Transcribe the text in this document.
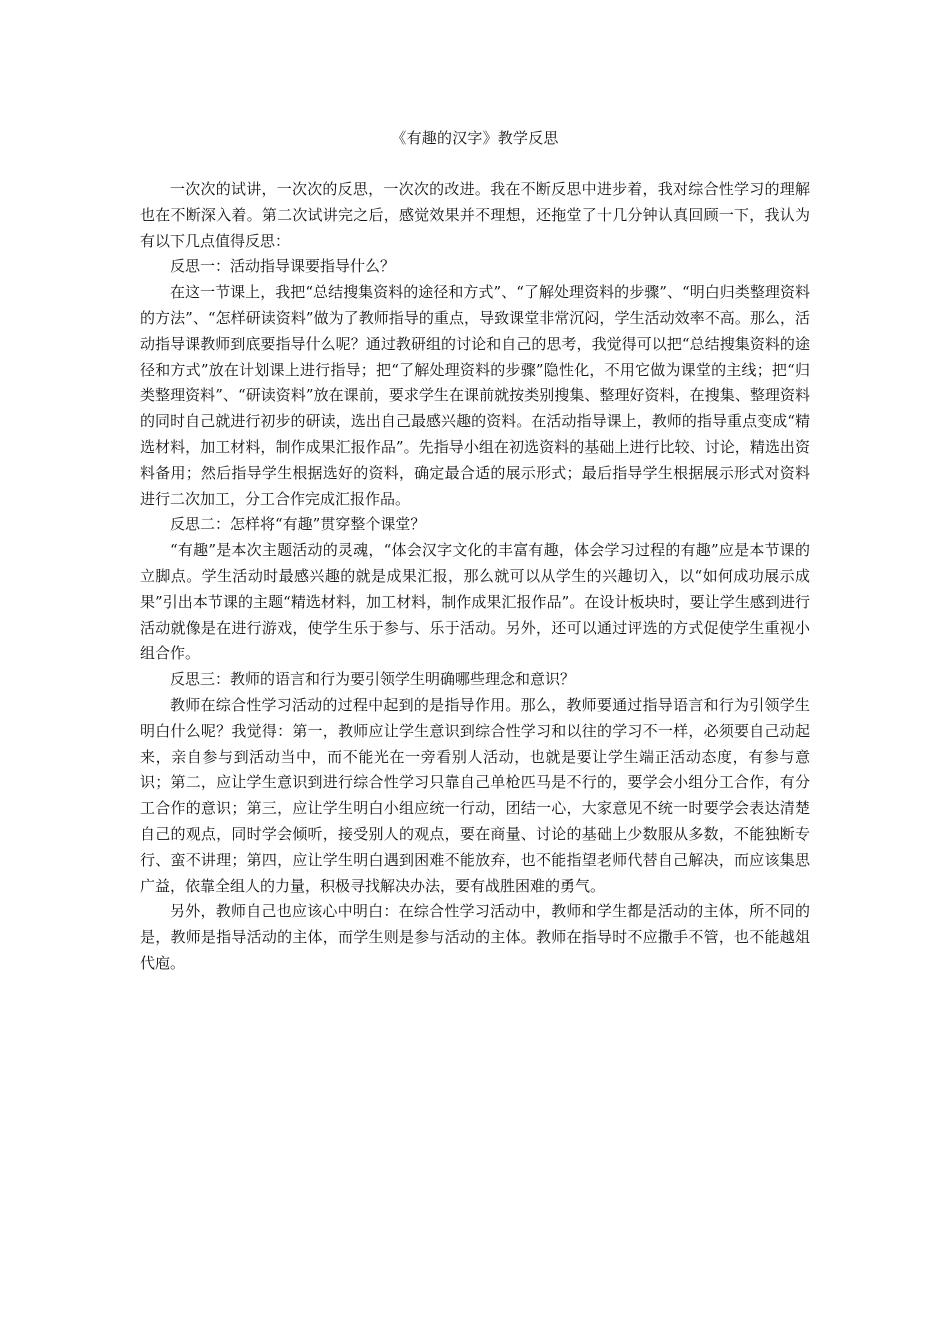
《有趣的汉字》教学反思

一次次的试讲，一次次的反思，一次次的改进。我在不断反思中进步着，我对综合性学习的理解也在不断深入着。第二次试讲完之后，感觉效果并不理想，还拖堂了十几分钟认真回顾一下，我认为有以下几点值得反思：

反思一：活动指导课要指导什么？

在这一节课上，我把“总结搜集资料的途径和方式”、“了解处理资料的步骤”、“明白归类整理资料的方法”、“怎样研读资料”做为了教师指导的重点，导致课堂非常沉闷，学生活动效率不高。那么，活动指导课教师到底要指导什么呢？通过教研组的讨论和自己的思考，我觉得可以把“总结搜集资料的途径和方式”放在计划课上进行指导；把“了解处理资料的步骤”隐性化，不用它做为课堂的主线；把“归类整理资料”、“研读资料”放在课前，要求学生在课前就按类别搜集、整理好资料，在搜集、整理资料的同时自己就进行初步的研读，选出自己最感兴趣的资料。在活动指导课上，教师的指导重点变成“精选材料，加工材料，制作成果汇报作品”。先指导小组在初选资料的基础上进行比较、讨论，精选出资料备用；然后指导学生根据选好的资料，确定最合适的展示形式；最后指导学生根据展示形式对资料进行二次加工，分工合作完成汇报作品。

反思二：怎样将“有趣”贯穿整个课堂？

“有趣”是本次主题活动的灵魂，“体会汉字文化的丰富有趣，体会学习过程的有趣”应是本节课的立脚点。学生活动时最感兴趣的就是成果汇报，那么就可以从学生的兴趣切入，以“如何成功展示成果”引出本节课的主题“精选材料，加工材料，制作成果汇报作品”。在设计板块时，要让学生感到进行活动就像是在进行游戏，使学生乐于参与、乐于活动。另外，还可以通过评选的方式促使学生重视小组合作。

反思三：教师的语言和行为要引领学生明确哪些理念和意识？

教师在综合性学习活动的过程中起到的是指导作用。那么，教师要通过指导语言和行为引领学生明白什么呢？我觉得：第一，教师应让学生意识到综合性学习和以往的学习不一样，必须要自己动起来，亲自参与到活动当中，而不能光在一旁看别人活动，也就是要让学生端正活动态度，有参与意识；第二，应让学生意识到进行综合性学习只靠自己单枪匹马是不行的，要学会小组分工合作，有分工合作的意识；第三，应让学生明白小组应统一行动，团结一心，大家意见不统一时要学会表达清楚自己的观点，同时学会倾听，接受别人的观点，要在商量、讨论的基础上少数服从多数，不能独断专行、蛮不讲理；第四，应让学生明白遇到困难不能放弃，也不能指望老师代替自己解决，而应该集思广益，依靠全组人的力量，积极寻找解决办法，要有战胜困难的勇气。

另外，教师自己也应该心中明白：在综合性学习活动中，教师和学生都是活动的主体，所不同的是，教师是指导活动的主体，而学生则是参与活动的主体。教师在指导时不应撒手不管，也不能越俎代庖。
